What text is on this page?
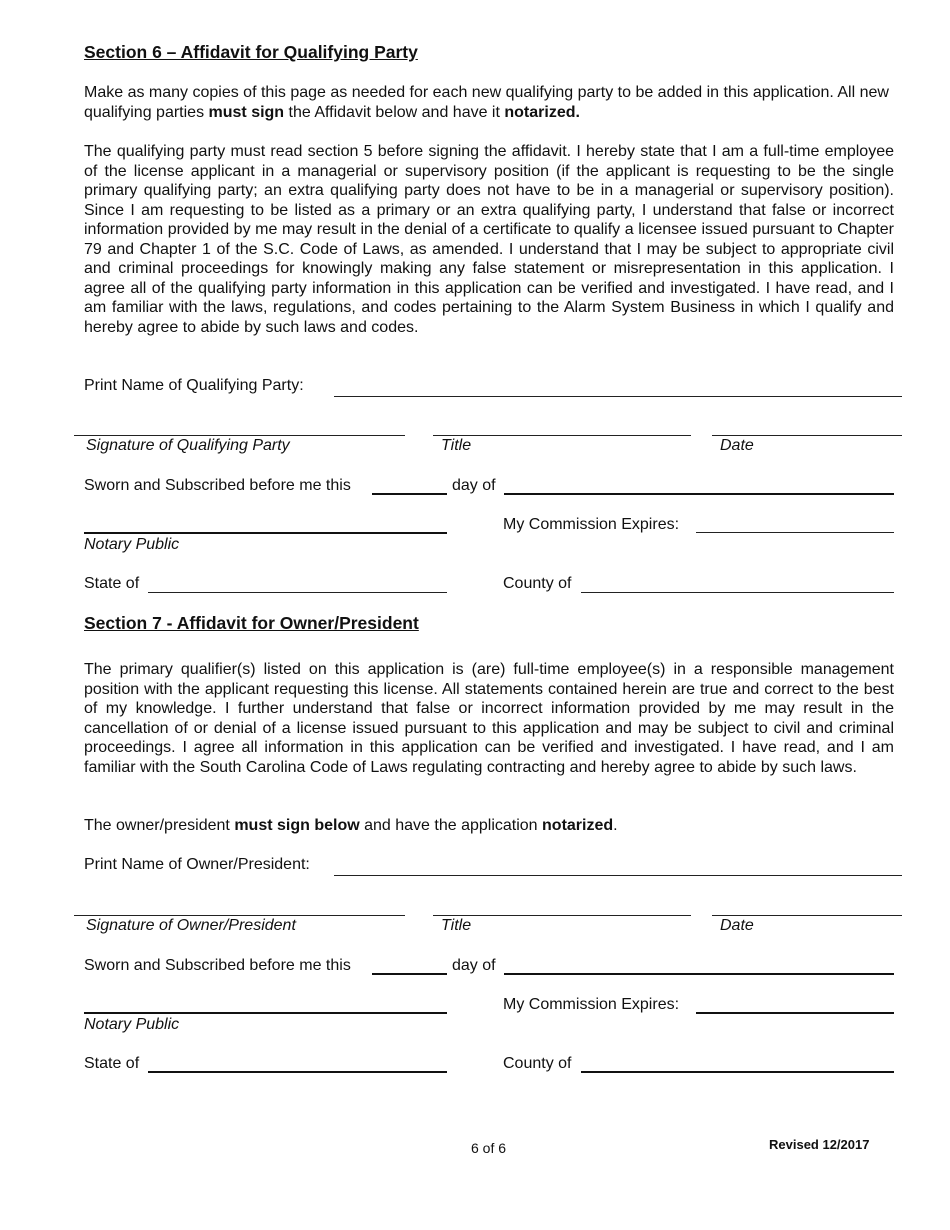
Section 6 – Affidavit for Qualifying Party

Make as many copies of this page as needed for each new qualifying party to be added in this application. All new qualifying parties must sign the Affidavit below and have it notarized.

The qualifying party must read section 5 before signing the affidavit. I hereby state that I am a full-time employee of the license applicant in a managerial or supervisory position (if the applicant is requesting to be the single primary qualifying party; an extra qualifying party does not have to be in a managerial or supervisory position). Since I am requesting to be listed as a primary or an extra qualifying party, I understand that false or incorrect information provided by me may result in the denial of a certificate to qualify a licensee issued pursuant to Chapter 79 and Chapter 1 of the S.C. Code of Laws, as amended. I understand that I may be subject to appropriate civil and criminal proceedings for knowingly making any false statement or misrepresentation in this application. I agree all of the qualifying party information in this application can be verified and investigated. I have read, and I am familiar with the laws, regulations, and codes pertaining to the Alarm System Business in which I qualify and hereby agree to abide by such laws and codes.

Print Name of Qualifying Party:
Signature of Qualifying Party	Title	Date
Sworn and Subscribed before me this	day of
Notary Public
My Commission Expires:
State of	County of
Section 7 - Affidavit for Owner/President

The primary qualifier(s) listed on this application is (are) full-time employee(s) in a responsible management position with the applicant requesting this license. All statements contained herein are true and correct to the best of my knowledge. I further understand that false or incorrect information provided by me may result in the cancellation of or denial of a license issued pursuant to this application and may be subject to civil and criminal proceedings. I agree all information in this application can be verified and investigated. I have read, and I am familiar with the South Carolina Code of Laws regulating contracting and hereby agree to abide by such laws.

The owner/president must sign below and have the application notarized.

Print Name of Owner/President:
Signature of Owner/President	Title	Date
Sworn and Subscribed before me this	day of
Notary Public
My Commission Expires:
State of	County of
6 of 6	Revised 12/2017
